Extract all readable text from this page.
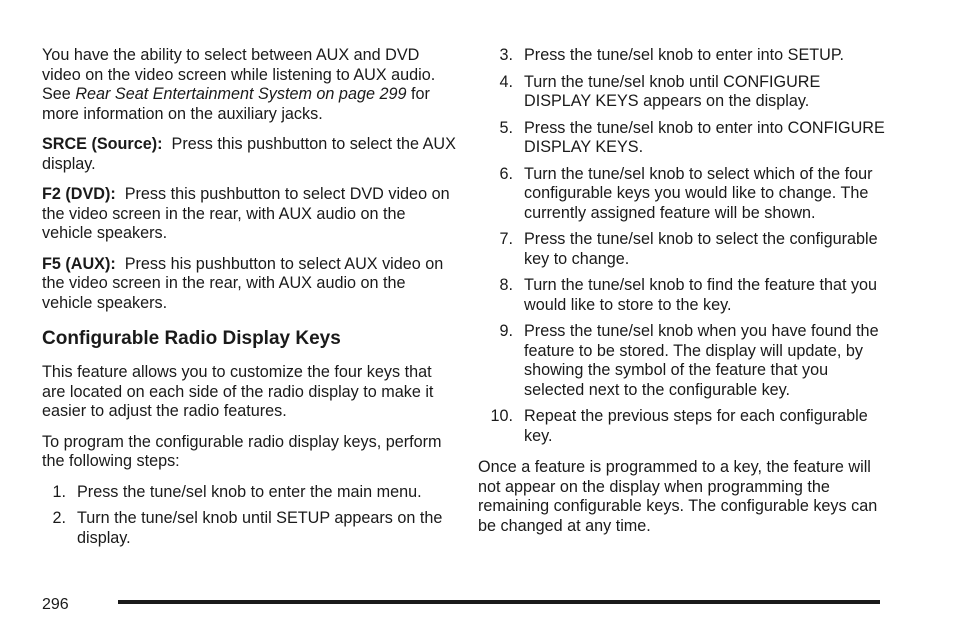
You have the ability to select between AUX and DVD video on the video screen while listening to AUX audio. See Rear Seat Entertainment System on page 299 for more information on the auxiliary jacks.

SRCE (Source):  Press this pushbutton to select the AUX display.

F2 (DVD):  Press this pushbutton to select DVD video on the video screen in the rear, with AUX audio on the vehicle speakers.

F5 (AUX):  Press his pushbutton to select AUX video on the video screen in the rear, with AUX audio on the vehicle speakers.

Configurable Radio Display Keys

This feature allows you to customize the four keys that are located on each side of the radio display to make it easier to adjust the radio features.

To program the configurable radio display keys, perform the following steps:

1. Press the tune/sel knob to enter the main menu.
2. Turn the tune/sel knob until SETUP appears on the display.
3. Press the tune/sel knob to enter into SETUP.
4. Turn the tune/sel knob until CONFIGURE DISPLAY KEYS appears on the display.
5. Press the tune/sel knob to enter into CONFIGURE DISPLAY KEYS.
6. Turn the tune/sel knob to select which of the four configurable keys you would like to change. The currently assigned feature will be shown.
7. Press the tune/sel knob to select the configurable key to change.
8. Turn the tune/sel knob to find the feature that you would like to store to the key.
9. Press the tune/sel knob when you have found the feature to be stored. The display will update, by showing the symbol of the feature that you selected next to the configurable key.
10. Repeat the previous steps for each configurable key.

Once a feature is programmed to a key, the feature will not appear on the display when programming the remaining configurable keys. The configurable keys can be changed at any time.

296
